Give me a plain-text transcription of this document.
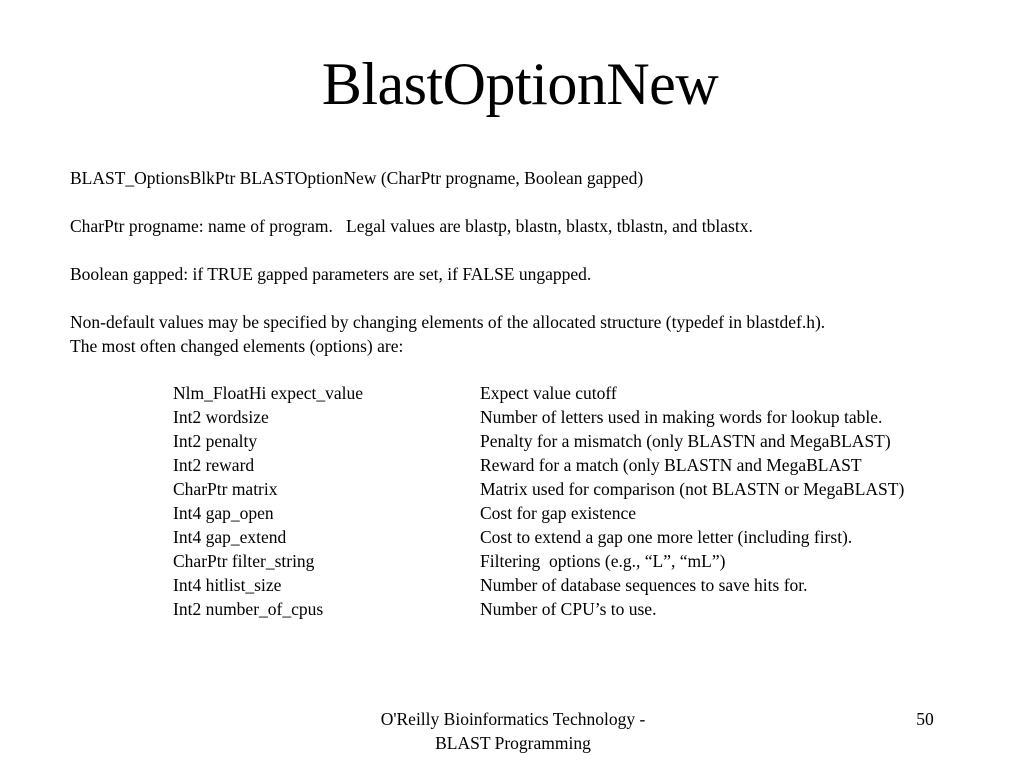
BlastOptionNew

BLAST_OptionsBlkPtr BLASTOptionNew (CharPtr progname, Boolean gapped)

CharPtr progname: name of program.   Legal values are blastp, blastn, blastx, tblastn, and tblastx.

Boolean gapped: if TRUE gapped parameters are set, if FALSE ungapped.

Non-default values may be specified by changing elements of the allocated structure (typedef in blastdef.h).

The most often changed elements (options) are:

Nlm_FloatHi expect_value	Expect value cutoff
Int2 wordsize	Number of letters used in making words for lookup table.
Int2 penalty	Penalty for a mismatch (only BLASTN and MegaBLAST)
Int2 reward	Reward for a match (only BLASTN and MegaBLAST
CharPtr matrix	Matrix used for comparison (not BLASTN or MegaBLAST)
Int4 gap_open	Cost for gap existence
Int4 gap_extend	Cost to extend a gap one more letter (including first).
CharPtr filter_string	Filtering  options (e.g., “L”, “mL”)
Int4 hitlist_size	Number of database sequences to save hits for.
Int2 number_of_cpus	Number of CPU’s to use.
O'Reilly Bioinformatics Technology -
BLAST Programming
50
